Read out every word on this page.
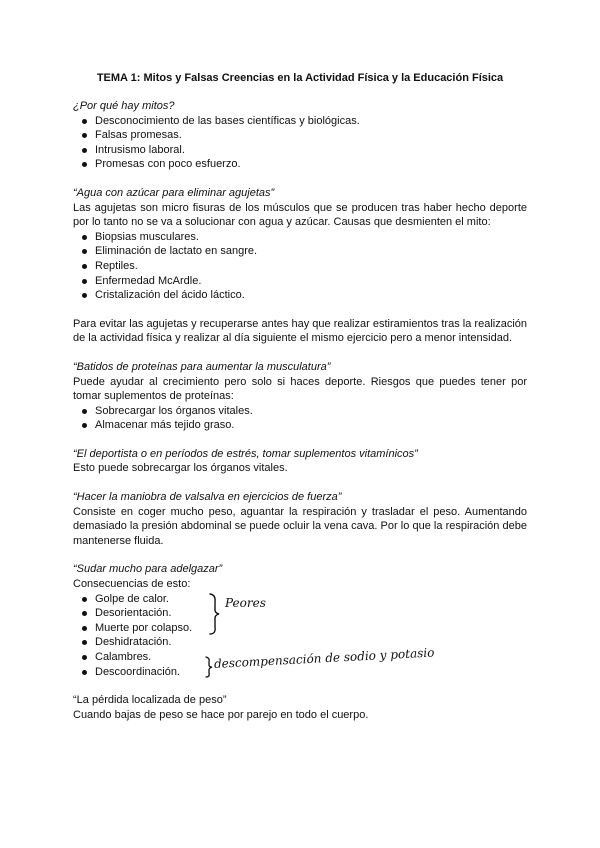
TEMA 1: Mitos y Falsas Creencias en la Actividad Física y la Educación Física
¿Por qué hay mitos?
Desconocimiento de las bases científicas y biológicas.
Falsas promesas.
Intrusismo laboral.
Promesas con poco esfuerzo.
“Agua con azúcar para eliminar agujetas”
Las agujetas son micro fisuras de los músculos que se producen tras haber hecho deporte por lo tanto no se va a solucionar con agua y azúcar. Causas que desmienten el mito:
Biopsias musculares.
Eliminación de lactato en sangre.
Reptiles.
Enfermedad McArdle.
Cristalización del ácido láctico.
Para evitar las agujetas y recuperarse antes hay que realizar estiramientos tras la realización de la actividad física y realizar al día siguiente el mismo ejercicio pero a menor intensidad.
“Batidos de proteínas para aumentar la musculatura”
Puede ayudar al crecimiento pero solo si haces deporte. Riesgos que puedes tener por tomar suplementos de proteínas:
Sobrecargar los órganos vitales.
Almacenar más tejido graso.
“El deportista o en períodos de estrés, tomar suplementos vitamínicos”
Esto puede sobrecargar los órganos vitales.
“Hacer la maniobra de valsalva en ejercicios de fuerza”
Consiste en coger mucho peso, aguantar la respiración y trasladar el peso. Aumentando demasiado la presión abdominal se puede ocluir la vena cava. Por lo que la respiración debe mantenerse fluida.
“Sudar mucho para adelgazar”
Consecuencias de esto:
Golpe de calor.
Desorientación.
Muerte por colapso.
Deshidratación.
Calambres.
Descoordinación.
Peores
descompensación de sodio y potasio
“La pérdida localizada de peso”
Cuando bajas de peso se hace por parejo en todo el cuerpo.
